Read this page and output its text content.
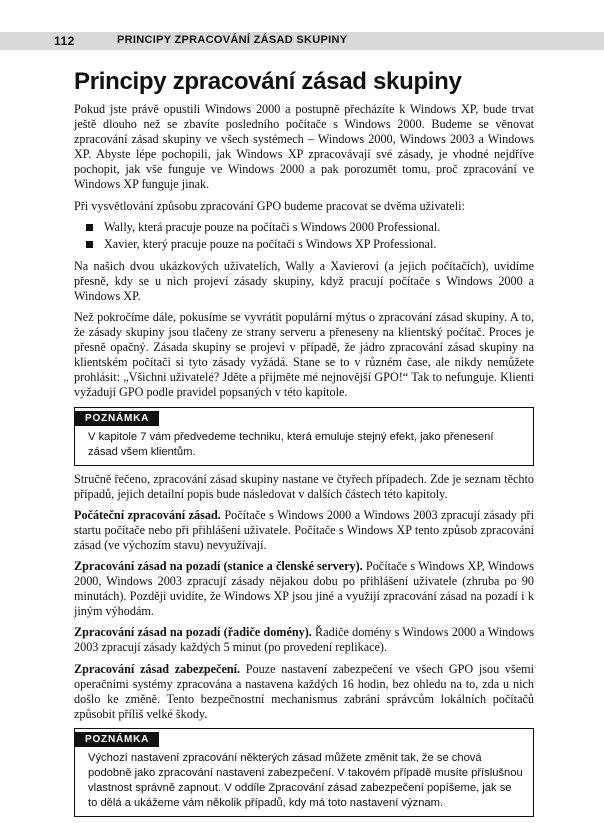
112	PRINCIPY ZPRACOVÁNÍ ZÁSAD SKUPINY
Principy zpracování zásad skupiny

Pokud jste právě opustili Windows 2000 a postupně přecházíte k Windows XP, bude trvat ještě dlouho než se zbavíte posledního počítače s Windows 2000. Budeme se věnovat zpracování zásad skupiny ve všech systémech – Windows 2000, Windows 2003 a Windows XP. Abyste lépe pochopili, jak Windows XP zpracovávají své zásady, je vhodné nejdříve pochopit, jak vše funguje ve Windows 2000 a pak porozumět tomu, proč zpracování ve Windows XP funguje jinak.

Při vysvětlování způsobu zpracování GPO budeme pracovat se dvěma uživateli:

Wally, která pracuje pouze na počítači s Windows 2000 Professional.
Xavier, který pracuje pouze na počítači s Windows XP Professional.

Na našich dvou ukázkových uživatelích, Wally a Xavierovi (a jejich počítačích), uvidíme přesně, kdy se u nich projeví zásady skupiny, když pracují počítače s Windows 2000 a Windows XP.

Než pokročíme dále, pokusíme se vyvrátit populární mýtus o zpracování zásad skupiny. A to, že zásady skupiny jsou tlačeny ze strany serveru a přeneseny na klientský počítač. Proces je přesně opačný. Zásada skupiny se projeví v případě, že jádro zpracování zásad skupiny na klientském počítači si tyto zásady vyžádá. Stane se to v různém čase, ale nikdy nemůžete prohlásit: „Všichni uživatelé? Jděte a přijměte mé nejnovější GPO!“ Tak to nefunguje. Klienti vyžadují GPO podle pravidel popsaných v této kapitole.

POZNÁMKA
V kapitole 7 vám předvedeme techniku, která emuluje stejný efekt, jako přenesení zásad všem klientům.

Stručně řečeno, zpracování zásad skupiny nastane ve čtyřech případech. Zde je seznam těchto případů, jejich detailní popis bude následovat v dalších částech této kapitoly.

Počáteční zpracování zásad. Počítače s Windows 2000 a Windows 2003 zpracují zásady při startu počítače nebo při přihlášení uživatele. Počítače s Windows XP tento způsob zpracování zásad (ve výchozím stavu) nevyužívají.

Zpracování zásad na pozadí (stanice a členské servery). Počítače s Windows XP, Windows 2000, Windows 2003 zpracují zásady nějakou dobu po přihlášení uživatele (zhruba po 90 minutách). Později uvidíte, že Windows XP jsou jiné a využijí zpracování zásad na pozadí i k jiným výhodám.

Zpracování zásad na pozadí (řadiče domény). Řadiče domény s Windows 2000 a Windows 2003 zpracují zásady každých 5 minut (po provedení replikace).

Zpracování zásad zabezpečení. Pouze nastavení zabezpečení ve všech GPO jsou všemi operačními systémy zpracována a nastavena každých 16 hodin, bez ohledu na to, zda u nich došlo ke změně. Tento bezpečnostní mechanismus zabrání správcům lokálních počítačů způsobit příliš velké škody.

POZNÁMKA
Výchozí nastavení zpracování některých zásad můžete změnit tak, že se chová podobně jako zpracování nastavení zabezpečení. V takovém případě musíte příslušnou vlastnost správně zapnout. V oddíle Zpracování zásad zabezpečení popíšeme, jak se to dělá a ukážeme vám několik případů, kdy má toto nastavení význam.
